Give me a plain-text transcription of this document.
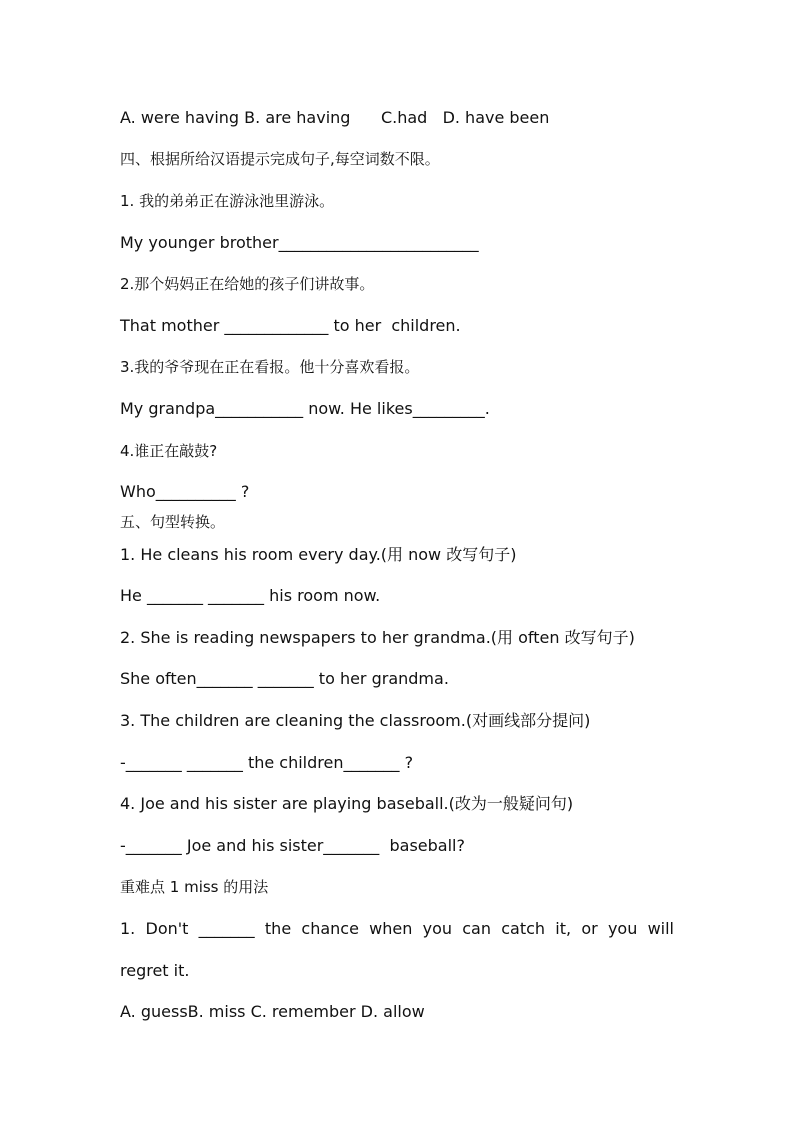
A. were having B. are having      C.had   D. have been
四、根据所给汉语提示完成句子,每空词数不限。
1. 我的弟弟正在游泳池里游泳。
My younger brother_________________________
2.那个妈妈正在给她的孩子们讲故事。
That mother _____________ to her  children.
3.我的爷爷现在正在看报。他十分喜欢看报。
My grandpa___________ now. He likes_________.
4.谁正在敲鼓?
Who__________ ?
五、句型转换。
1. He cleans his room every day.(用 now 改写句子)
He _______ _______ his room now.
2. She is reading newspapers to her grandma.(用 often 改写句子)
She often_______ _______ to her grandma.
3. The children are cleaning the classroom.(对画线部分提问)
-_______ _______ the children_______ ?
4. Joe and his sister are playing baseball.(改为一般疑问句)
-_______ Joe and his sister_______  baseball?
重难点 1 miss 的用法
1. Don't _______ the chance when you can catch it, or you will
regret it.
A. guessB. miss C. remember D. allow
